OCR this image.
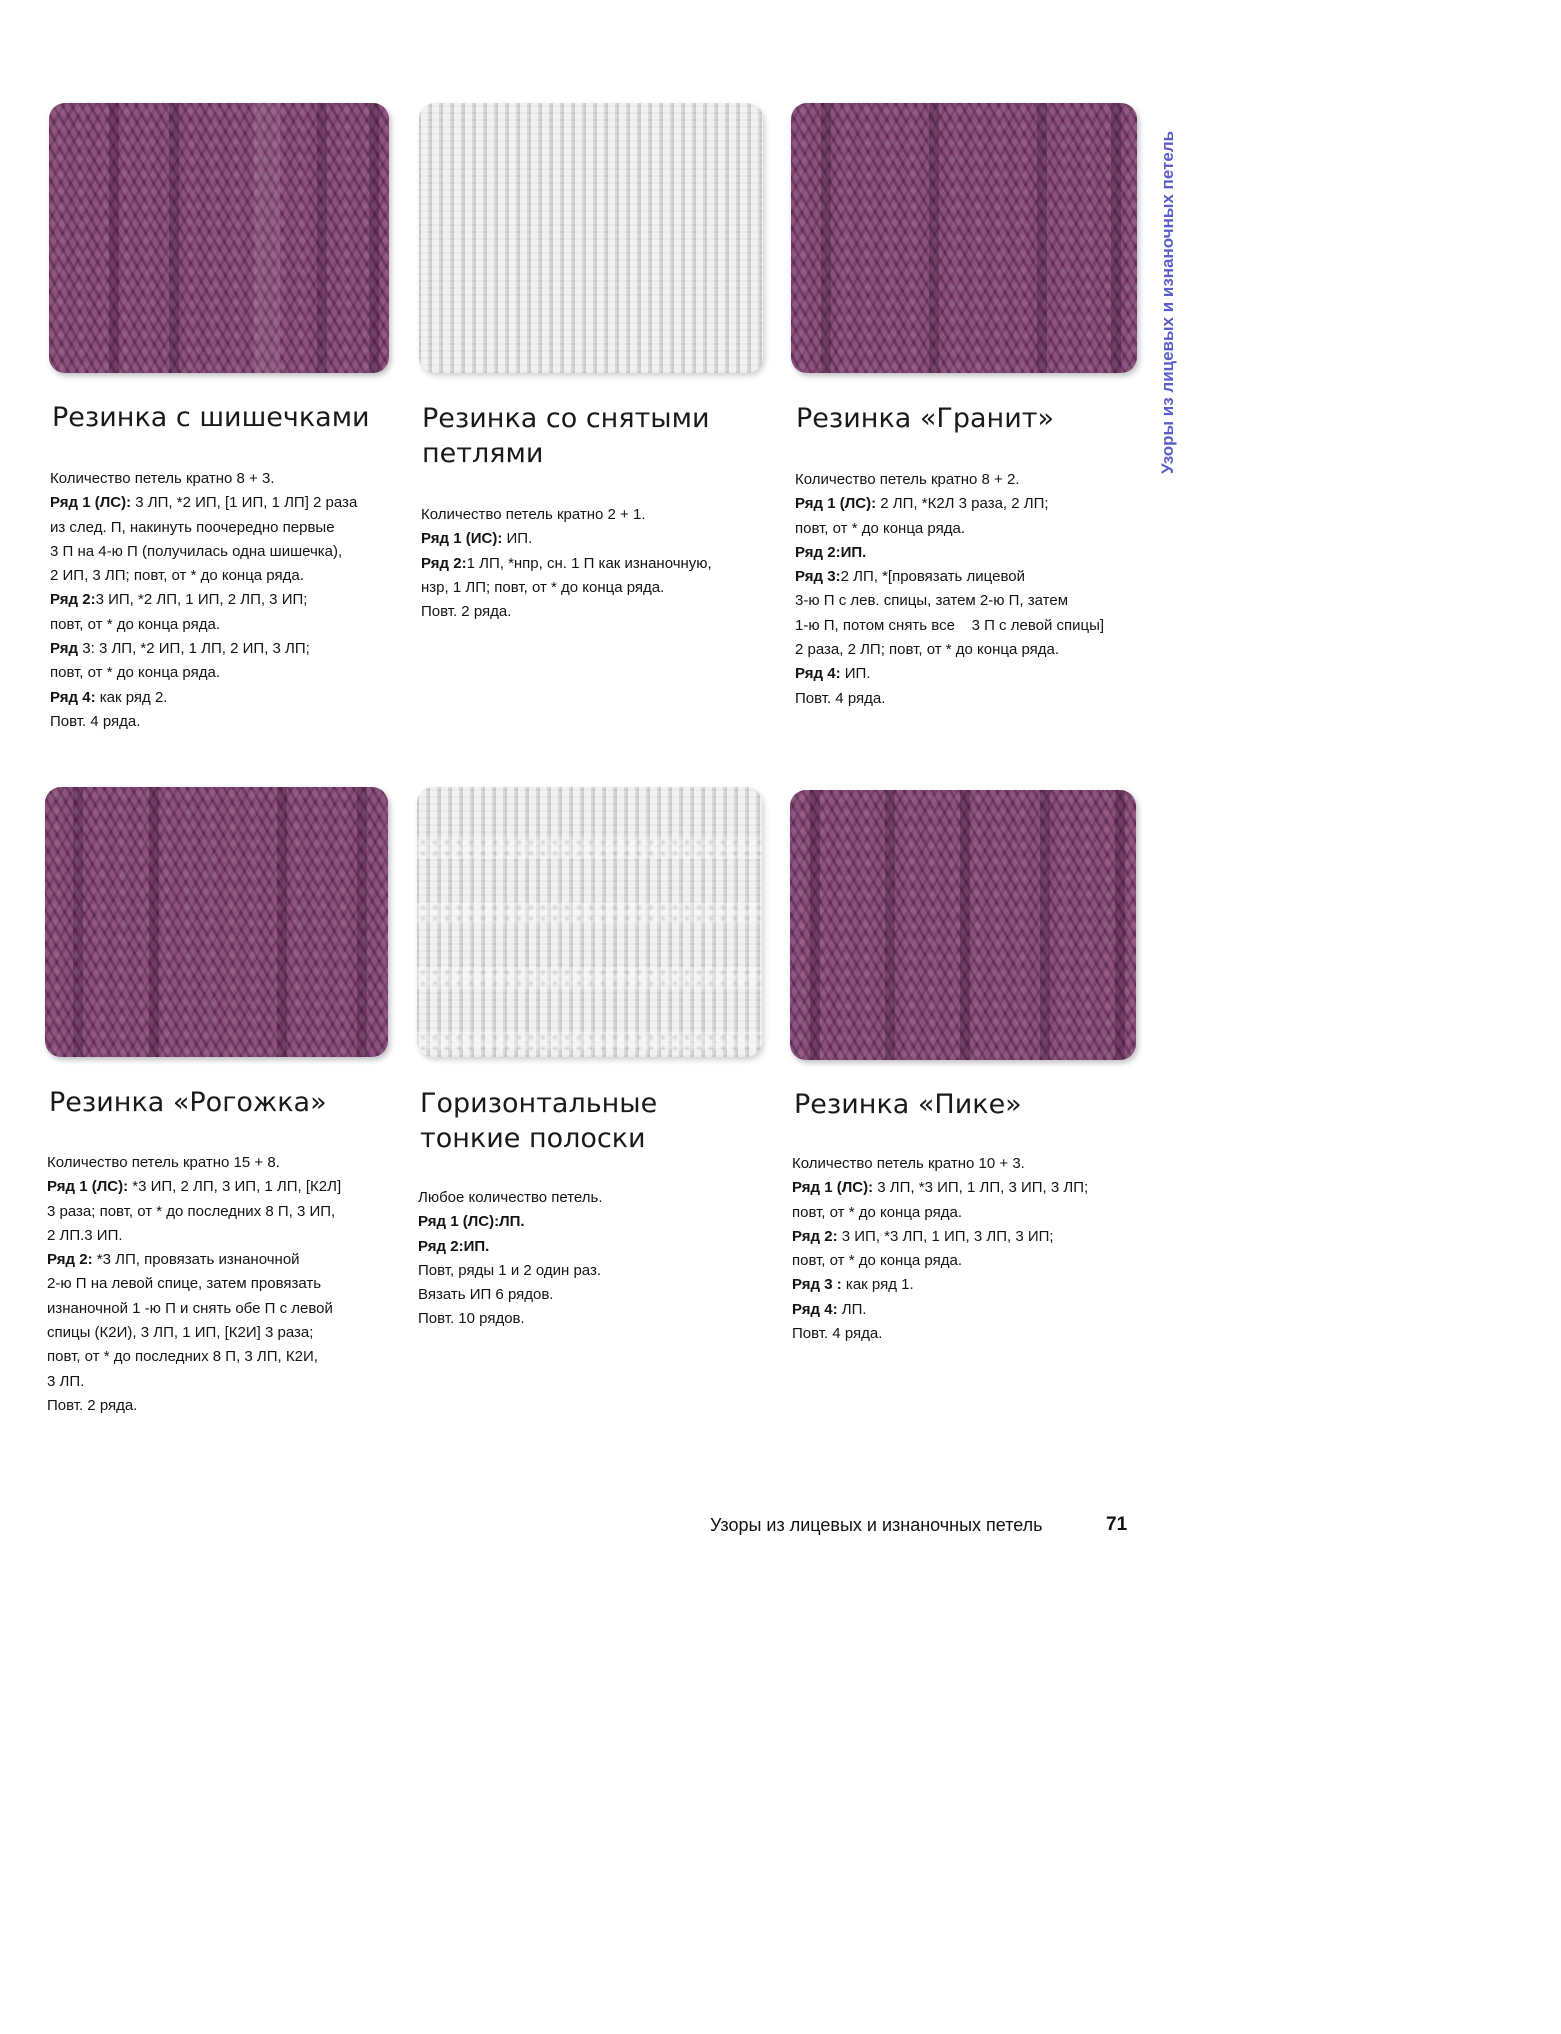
Резинка с шишечками Резинка со снятыми
петлями
Резинка «Гранит»
Резинка «Рогожка»	Горизонтальные
тонкие полоски
Резинка «Пике»

Количество петель кратно 8 + 3.

Ряд 1 (ЛС): 3 ЛП, *2 ИП, [1 ИП, 1 ЛП] 2 раза

из след. П, накинуть поочередно первые

3 П на 4-ю П (получилась одна шишечка),

2 ИП, 3 ЛП; повт, от * до конца ряда.

Ряд 2:3 ИП, *2 ЛП, 1 ИП, 2 ЛП, 3 ИП;

повт, от * до конца ряда.

Ряд 3: 3 ЛП, *2 ИП, 1 ЛП, 2 ИП, 3 ЛП;

повт, от * до конца ряда.

Ряд 4: как ряд 2.

Повт. 4 ряда.

Количество петель кратно 2 + 1.

Ряд 1 (ИС): ИП.

Ряд 2:1 ЛП, *нпр, сн. 1 П как изнаночную,

нзр, 1 ЛП; повт, от * до конца ряда.

Повт. 2 ряда.

Количество петель кратно 8 + 2.

Ряд 1 (ЛС): 2 ЛП, *К2Л 3 раза, 2 ЛП;

повт, от * до конца ряда.

Ряд 2:ИП.

Ряд 3:2 ЛП, *[провязать лицевой

3-ю П с лев. спицы, затем 2-ю П, затем

1-ю П, потом снять все    3 П с левой спицы]

2 раза, 2 ЛП; повт, от * до конца ряда.

Ряд 4: ИП.

Повт. 4 ряда.

Количество петель кратно 15 + 8.

Ряд 1 (ЛС): *3 ИП, 2 ЛП, 3 ИП, 1 ЛП, [К2Л]

3 раза; повт, от * до последних 8 П, 3 ИП,

2 ЛП.3 ИП.

Ряд 2: *3 ЛП, провязать изнаночной

2-ю П на левой спице, затем провязать

изнаночной 1 -ю П и снять обе П с левой

спицы (К2И), 3 ЛП, 1 ИП, [К2И] 3 раза;

повт, от * до последних 8 П, 3 ЛП, К2И,

3 ЛП.

Повт. 2 ряда.

Любое количество петель.

Ряд 1 (ЛС):ЛП.

Ряд 2:ИП.

Повт, ряды 1 и 2 один раз.

Вязать ИП 6 рядов.

Повт. 10 рядов.

Количество петель кратно 10 + 3.

Ряд 1 (ЛС): 3 ЛП, *3 ИП, 1 ЛП, 3 ИП, 3 ЛП;

повт, от * до конца ряда.

Ряд 2: 3 ИП, *3 ЛП, 1 ИП, 3 ЛП, 3 ИП;

повт, от * до конца ряда.

Ряд 3 : как ряд 1.

Ряд 4: ЛП.

Повт. 4 ряда.

Узоры из лицевых и изнаночных петель
Узоры из лицевых и изнаночных петель	71
